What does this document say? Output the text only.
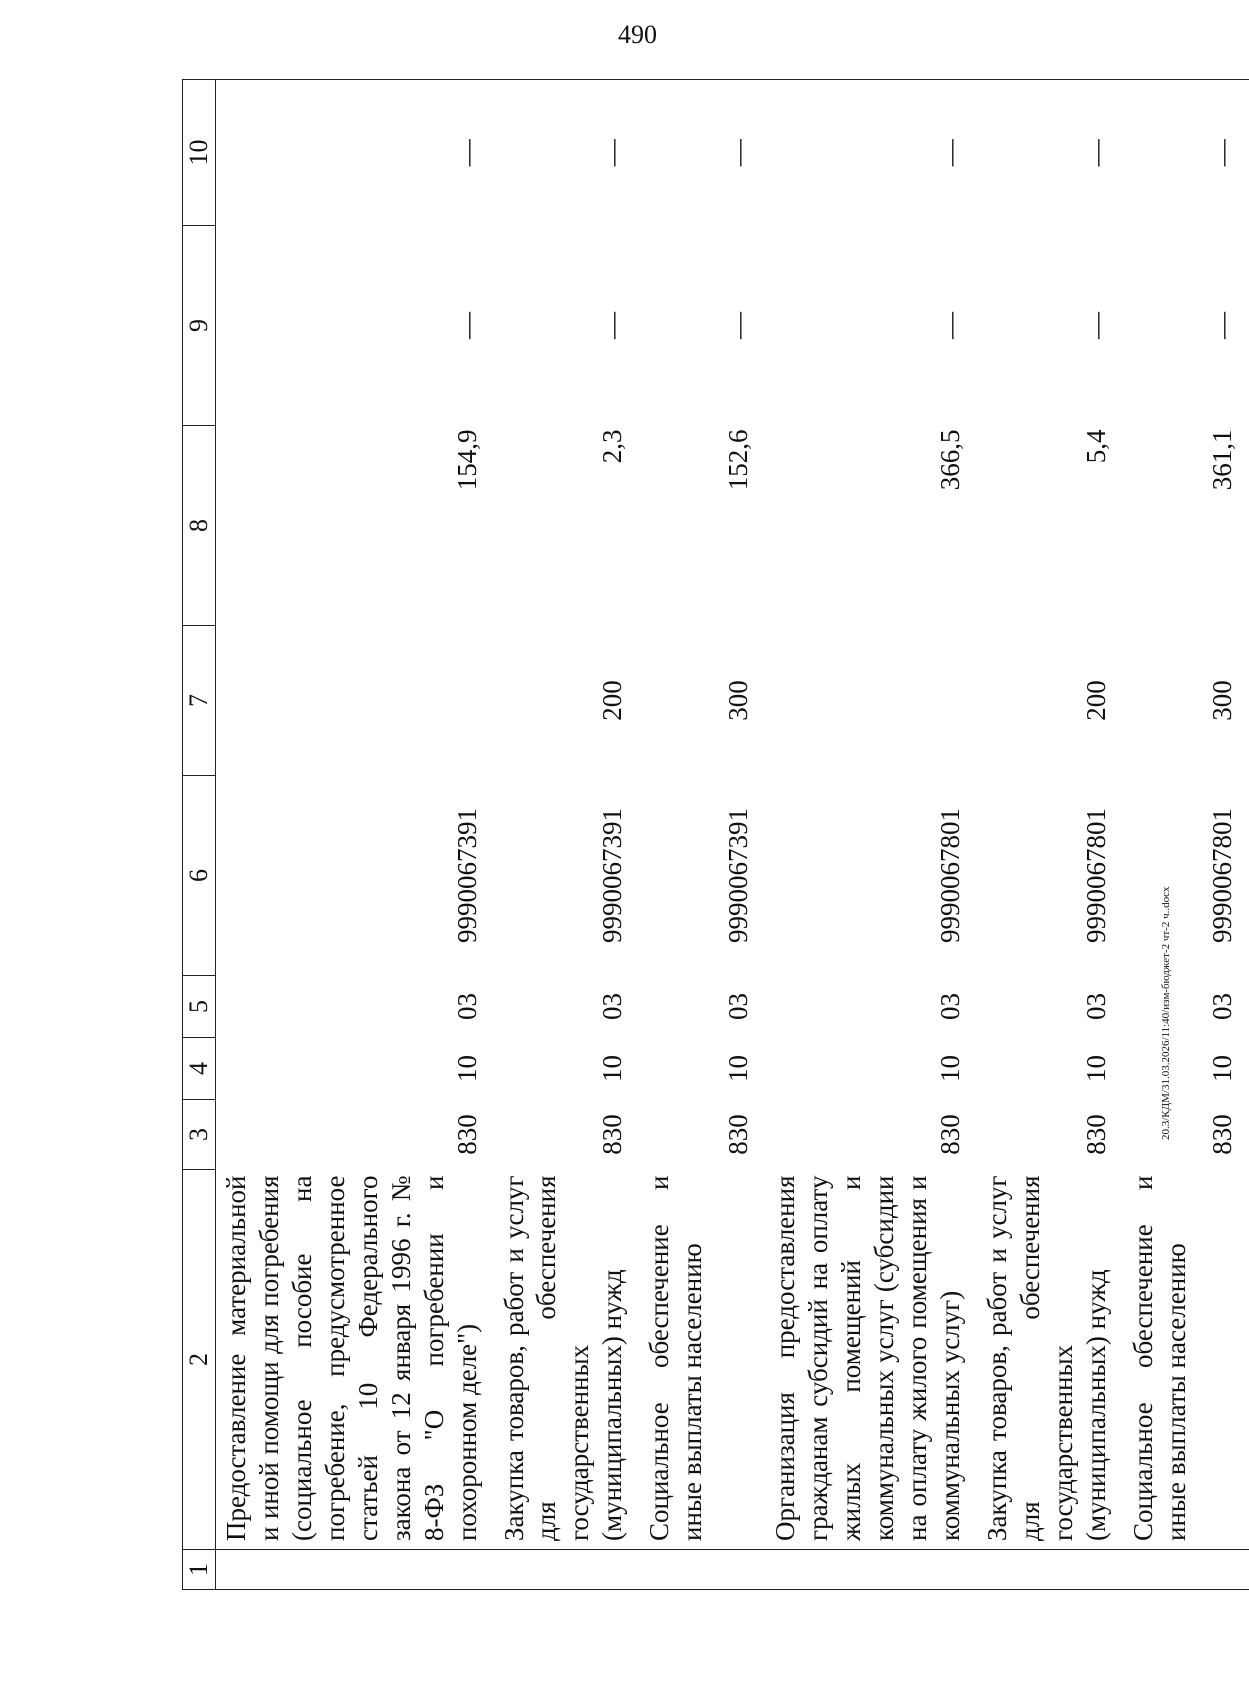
490
20.3/КДМ/31.03.2026/11:40/изм-бюджет-2 чт-2 ч..docx
1	2	3	4	5	6	7	8	9	10
	Предоставление материальной и иной помощи для погребения (социальное пособие на погребение, предусмотренное статьей 10 Федерального закона от 12 января 1996 г. № 8-ФЗ "О погребении и похоронном деле")	830	10	03	9990067391		154,9	—	—
	Закупка товаров, работ и услуг для обеспечения государственных (муниципальных) нужд	830	10	03	9990067391	200	2,3	—	—
	Социальное обеспечение и иные выплаты населению	830	10	03	9990067391	300	152,6	—	—
	Организация предоставления гражданам субсидий на оплату жилых помещений и коммунальных услуг (субсидии на оплату жилого помещения и коммунальных услуг)	830	10	03	9990067801		366,5	—	—
	Закупка товаров, работ и услуг для обеспечения государственных (муниципальных) нужд	830	10	03	9990067801	200	5,4	—	—
	Социальное обеспечение и иные выплаты населению	830	10	03	9990067801	300	361,1	—	—
